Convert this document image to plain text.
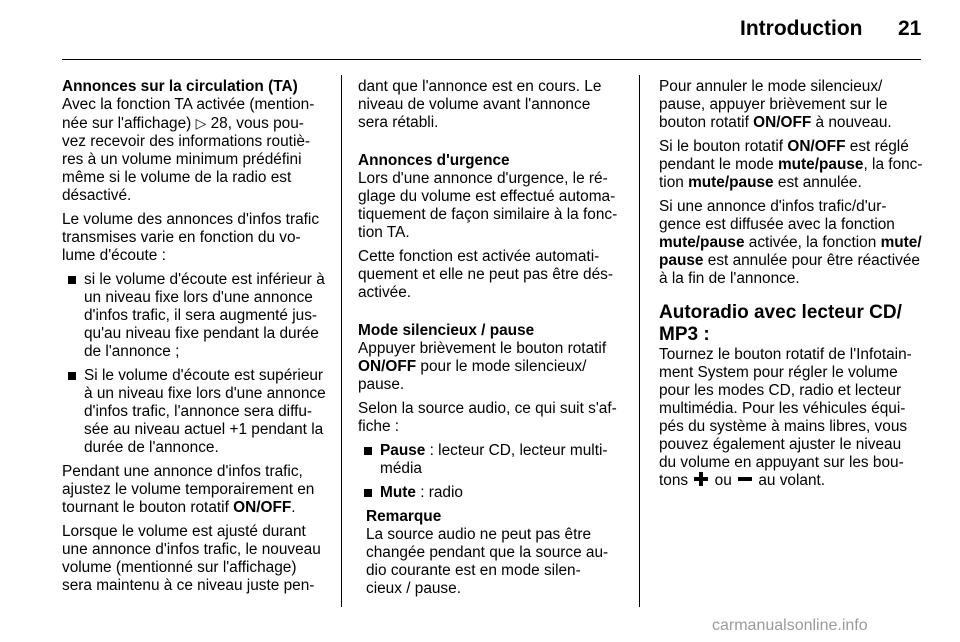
Introduction 21
Annonces sur la circulation (TA)

Avec la fonction TA activée (mention-
née sur l'affichage) ▷ 28, vous pou-
vez recevoir des informations routiè-
res à un volume minimum prédéfini
même si le volume de la radio est
désactivé.

Le volume des annonces d'infos trafic
transmises varie en fonction du vo-
lume d'écoute :

si le volume d'écoute est inférieur à
un niveau fixe lors d'une annonce
d'infos trafic, il sera augmenté jus-
qu'au niveau fixe pendant la durée
de l'annonce ;
Si le volume d'écoute est supérieur
à un niveau fixe lors d'une annonce
d'infos trafic, l'annonce sera diffu-
sée au niveau actuel +1 pendant la
durée de l'annonce.

Pendant une annonce d'infos trafic,
ajustez le volume temporairement en
tournant le bouton rotatif ON/OFF.

Lorsque le volume est ajusté durant
une annonce d'infos trafic, le nouveau
volume (mentionné sur l'affichage)
sera maintenu à ce niveau juste pen-

dant que l'annonce est en cours. Le
niveau de volume avant l'annonce
sera rétabli.

Annonces d'urgence

Lors d'une annonce d'urgence, le ré-
glage du volume est effectué automa-
tiquement de façon similaire à la fonc-
tion TA.

Cette fonction est activée automati-
quement et elle ne peut pas être dés-
activée.

Mode silencieux / pause

Appuyer brièvement le bouton rotatif
ON/OFF pour le mode silencieux/
pause.

Selon la source audio, ce qui suit s'af-
fiche :

Pause : lecteur CD, lecteur multi-
média
Mute : radio
Remarque
La source audio ne peut pas être
changée pendant que la source au-
dio courante est en mode silen-
cieux / pause.

Pour annuler le mode silencieux/
pause, appuyer brièvement sur le
bouton rotatif ON/OFF à nouveau.

Si le bouton rotatif ON/OFF est réglé
pendant le mode mute/pause, la fonc-
tion mute/pause est annulée.

Si une annonce d'infos trafic/d'ur-
gence est diffusée avec la fonction
mute/pause activée, la fonction mute/
pause est annulée pour être réactivée
à la fin de l'annonce.

Autoradio avec lecteur CD/
MP3 :

Tournez le bouton rotatif de l'Infotain-
ment System pour régler le volume
pour les modes CD, radio et lecteur
multimédia. Pour les véhicules équi-
pés du système à mains libres, vous
pouvez également ajuster le niveau
du volume en appuyant sur les bou-
tons  ou  au volant.

carmanualsonline.info
